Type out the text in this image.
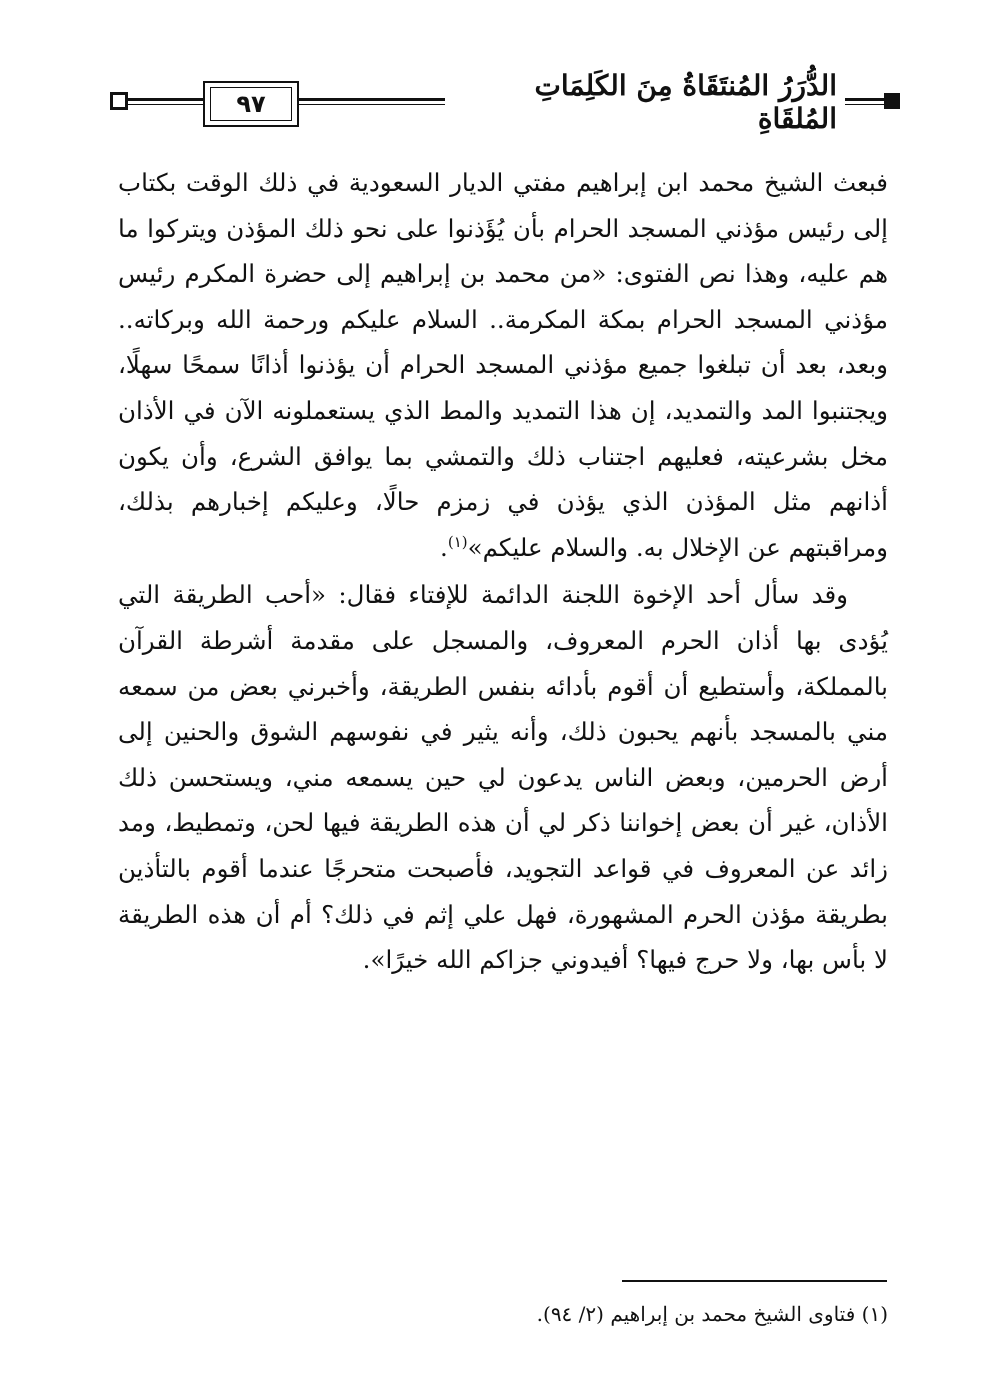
٩٧
الدُّرَرُ المُنتَقَاةُ مِنَ الكَلِمَاتِ المُلقَاةِ

فبعث الشيخ محمد ابن إبراهيم مفتي الديار السعودية في ذلك الوقت بكتاب إلى رئيس مؤذني المسجد الحرام بأن يُؤَذنوا على نحو ذلك المؤذن ويتركوا ما هم عليه، وهذا نص الفتوى: «من محمد بن إبراهيم إلى حضرة المكرم رئيس مؤذني المسجد الحرام بمكة المكرمة.. السلام عليكم ورحمة الله وبركاته.. وبعد، بعد أن تبلغوا جميع مؤذني المسجد الحرام أن يؤذنوا أذانًا سمحًا سهلًا، ويجتنبوا المد والتمديد، إن هذا التمديد والمط الذي يستعملونه الآن في الأذان مخل بشرعيته، فعليهم اجتناب ذلك والتمشي بما يوافق الشرع، وأن يكون أذانهم مثل المؤذن الذي يؤذن في زمزم حالًا، وعليكم إخبارهم بذلك، ومراقبتهم عن الإخلال به. والسلام عليكم»$^{(١)}$.

وقد سأل أحد الإخوة اللجنة الدائمة للإفتاء فقال: «أحب الطريقة التي يُؤدى بها أذان الحرم المعروف، والمسجل على مقدمة أشرطة القرآن بالمملكة، وأستطيع أن أقوم بأدائه بنفس الطريقة، وأخبرني بعض من سمعه مني بالمسجد بأنهم يحبون ذلك، وأنه يثير في نفوسهم الشوق والحنين إلى أرض الحرمين، وبعض الناس يدعون لي حين يسمعه مني، ويستحسن ذلك الأذان، غير أن بعض إخواننا ذكر لي أن هذه الطريقة فيها لحن، وتمطيط، ومد زائد عن المعروف في قواعد التجويد، فأصبحت متحرجًا عندما أقوم بالتأذين بطريقة مؤذن الحرم المشهورة، فهل علي إثم في ذلك؟ أم أن هذه الطريقة لا بأس بها، ولا حرج فيها؟ أفيدوني جزاكم الله خيرًا».

(١) فتاوى الشيخ محمد بن إبراهيم (٢/ ٩٤).
